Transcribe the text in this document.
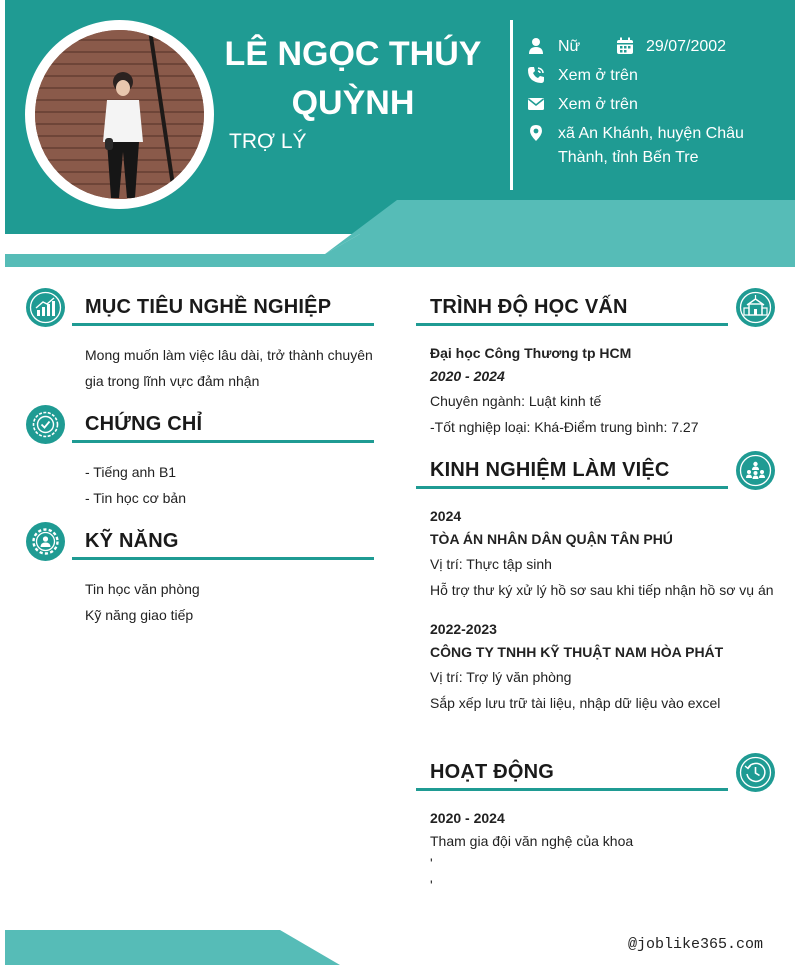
LÊ NGỌC THÚY QUỲNH
TRỢ LÝ
Nữ	29/07/2002
Xem ở trên
Xem ở trên
xã An Khánh, huyện Châu Thành, tỉnh Bến Tre
MỤC TIÊU NGHỀ NGHIỆP
Mong muốn làm việc lâu dài, trở thành chuyên
gia trong lĩnh vực đảm nhận
CHỨNG CHỈ
- Tiếng anh B1
- Tin học cơ bản
KỸ NĂNG
Tin học văn phòng
Kỹ năng giao tiếp
TRÌNH ĐỘ HỌC VẤN
Đại học Công Thương tp HCM
2020 - 2024
Chuyên ngành: Luật kinh tế
-Tốt nghiệp loại: Khá-Điểm trung bình: 7.27
KINH NGHIỆM LÀM VIỆC
2024
TÒA ÁN NHÂN DÂN QUẬN TÂN PHÚ
Vị trí: Thực tập sinh
Hỗ trợ thư ký xử lý hồ sơ sau khi tiếp nhận hồ sơ vụ án
2022-2023
CÔNG TY TNHH KỸ THUẬT NAM HÒA PHÁT
Vị trí: Trợ lý văn phòng
Sắp xếp lưu trữ tài liệu, nhập dữ liệu vào excel
HOẠT ĐỘNG
2020 - 2024
Tham gia đội văn nghệ của khoa
'
'
@joblike365.com
